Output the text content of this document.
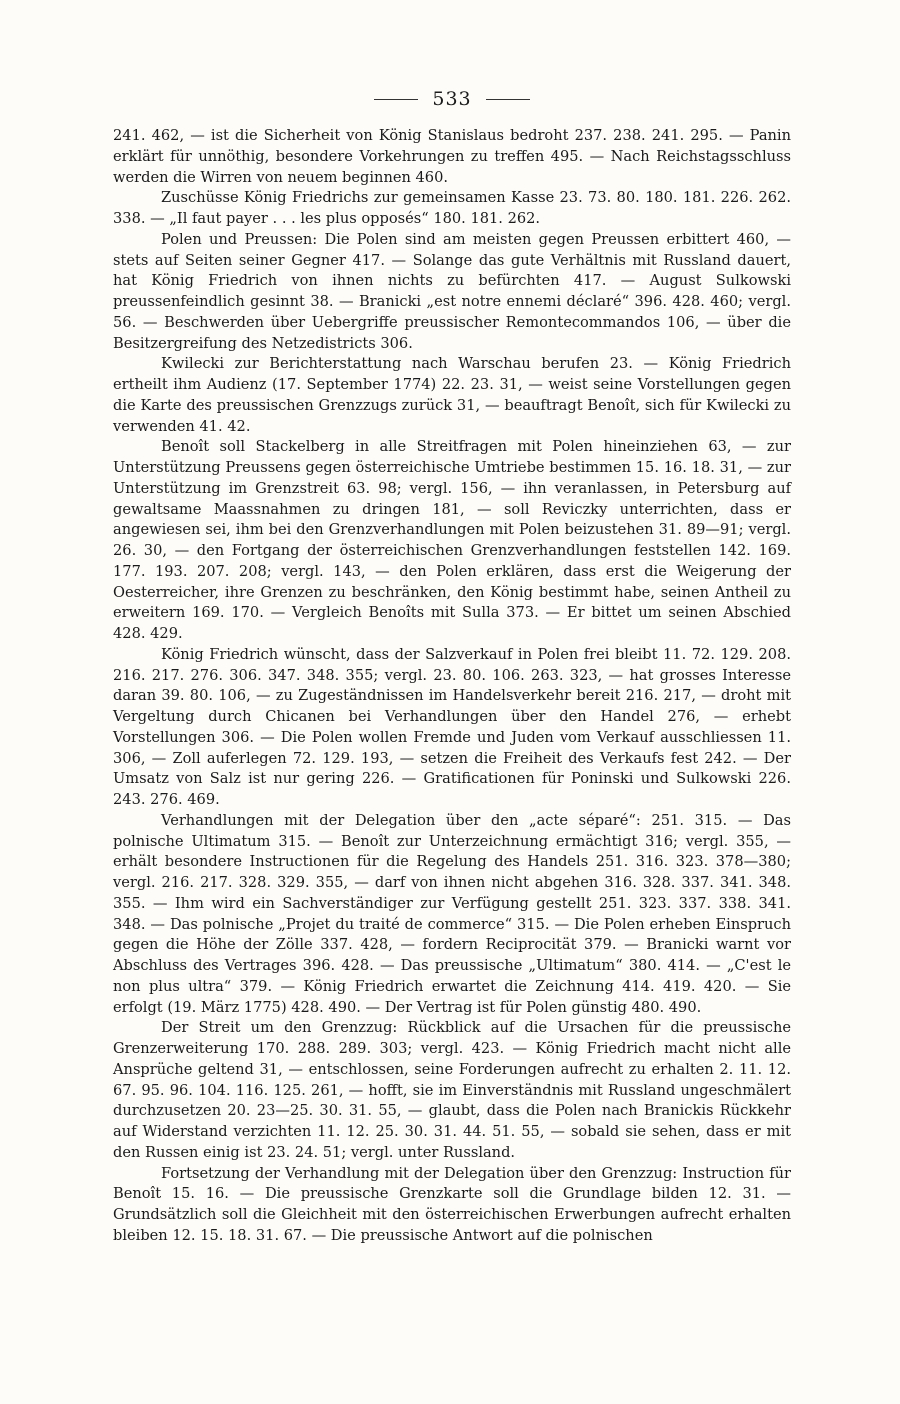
533

241. 462, — ist die Sicherheit von König Stanislaus bedroht 237. 238. 241. 295. — Panin erklärt für unnöthig, besondere Vorkehrungen zu treffen 495. — Nach Reichstagsschluss werden die Wirren von neuem beginnen 460.

Zuschüsse König Friedrichs zur gemeinsamen Kasse 23. 73. 80. 180. 181. 226. 262. 338. — „Il faut payer . . . les plus opposés“ 180. 181. 262.

Polen und Preussen: Die Polen sind am meisten gegen Preussen erbittert 460, — stets auf Seiten seiner Gegner 417. — Solange das gute Verhältnis mit Russland dauert, hat König Friedrich von ihnen nichts zu befürchten 417. — August Sulkowski preussenfeindlich gesinnt 38. — Branicki „est notre ennemi déclaré“ 396. 428. 460; vergl. 56. — Beschwerden über Uebergriffe preussischer Remontecommandos 106, — über die Besitzergreifung des Netzedistricts 306.

Kwilecki zur Berichterstattung nach Warschau berufen 23. — König Friedrich ertheilt ihm Audienz (17. September 1774) 22. 23. 31, — weist seine Vorstellungen gegen die Karte des preussischen Grenzzugs zurück 31, — beauftragt Benoît, sich für Kwilecki zu verwenden 41. 42.

Benoît soll Stackelberg in alle Streitfragen mit Polen hineinziehen 63, — zur Unterstützung Preussens gegen österreichische Umtriebe bestimmen 15. 16. 18. 31, — zur Unterstützung im Grenzstreit 63. 98; vergl. 156, — ihn veranlassen, in Petersburg auf gewaltsame Maassnahmen zu dringen 181, — soll Reviczky unterrichten, dass er angewiesen sei, ihm bei den Grenzverhandlungen mit Polen beizustehen 31. 89—91; vergl. 26. 30, — den Fortgang der österreichischen Grenzverhandlungen feststellen 142. 169. 177. 193. 207. 208; vergl. 143, — den Polen erklären, dass erst die Weigerung der Oesterreicher, ihre Grenzen zu beschränken, den König bestimmt habe, seinen Antheil zu erweitern 169. 170. — Vergleich Benoîts mit Sulla 373. — Er bittet um seinen Abschied 428. 429.

König Friedrich wünscht, dass der Salzverkauf in Polen frei bleibt 11. 72. 129. 208. 216. 217. 276. 306. 347. 348. 355; vergl. 23. 80. 106. 263. 323, — hat grosses Interesse daran 39. 80. 106, — zu Zugeständnissen im Handelsverkehr bereit 216. 217, — droht mit Vergeltung durch Chicanen bei Verhandlungen über den Handel 276, — erhebt Vorstellungen 306. — Die Polen wollen Fremde und Juden vom Verkauf ausschliessen 11. 306, — Zoll auferlegen 72. 129. 193, — setzen die Freiheit des Verkaufs fest 242. — Der Umsatz von Salz ist nur gering 226. — Gratificationen für Poninski und Sulkowski 226. 243. 276. 469.

Verhandlungen mit der Delegation über den „acte séparé“: 251. 315. — Das polnische Ultimatum 315. — Benoît zur Unterzeichnung ermächtigt 316; vergl. 355, — erhält besondere Instructionen für die Regelung des Handels 251. 316. 323. 378—380; vergl. 216. 217. 328. 329. 355, — darf von ihnen nicht abgehen 316. 328. 337. 341. 348. 355. — Ihm wird ein Sachverständiger zur Verfügung gestellt 251. 323. 337. 338. 341. 348. — Das polnische „Projet du traité de commerce“ 315. — Die Polen erheben Einspruch gegen die Höhe der Zölle 337. 428, — fordern Reciprocität 379. — Branicki warnt vor Abschluss des Vertrages 396. 428. — Das preussische „Ultimatum“ 380. 414. — „C'est le non plus ultra“ 379. — König Friedrich erwartet die Zeichnung 414. 419. 420. — Sie erfolgt (19. März 1775) 428. 490. — Der Vertrag ist für Polen günstig 480. 490.

Der Streit um den Grenzzug: Rückblick auf die Ursachen für die preussische Grenzerweiterung 170. 288. 289. 303; vergl. 423. — König Friedrich macht nicht alle Ansprüche geltend 31, — entschlossen, seine Forderungen aufrecht zu erhalten 2. 11. 12. 67. 95. 96. 104. 116. 125. 261, — hofft, sie im Einverständnis mit Russland ungeschmälert durchzusetzen 20. 23—25. 30. 31. 55, — glaubt, dass die Polen nach Branickis Rückkehr auf Widerstand verzichten 11. 12. 25. 30. 31. 44. 51. 55, — sobald sie sehen, dass er mit den Russen einig ist 23. 24. 51; vergl. unter Russland.

Fortsetzung der Verhandlung mit der Delegation über den Grenzzug: Instruction für Benoît 15. 16. — Die preussische Grenzkarte soll die Grundlage bilden 12. 31. — Grundsätzlich soll die Gleichheit mit den österreichischen Erwerbungen aufrecht erhalten bleiben 12. 15. 18. 31. 67. — Die preussische Antwort auf die polnischen
